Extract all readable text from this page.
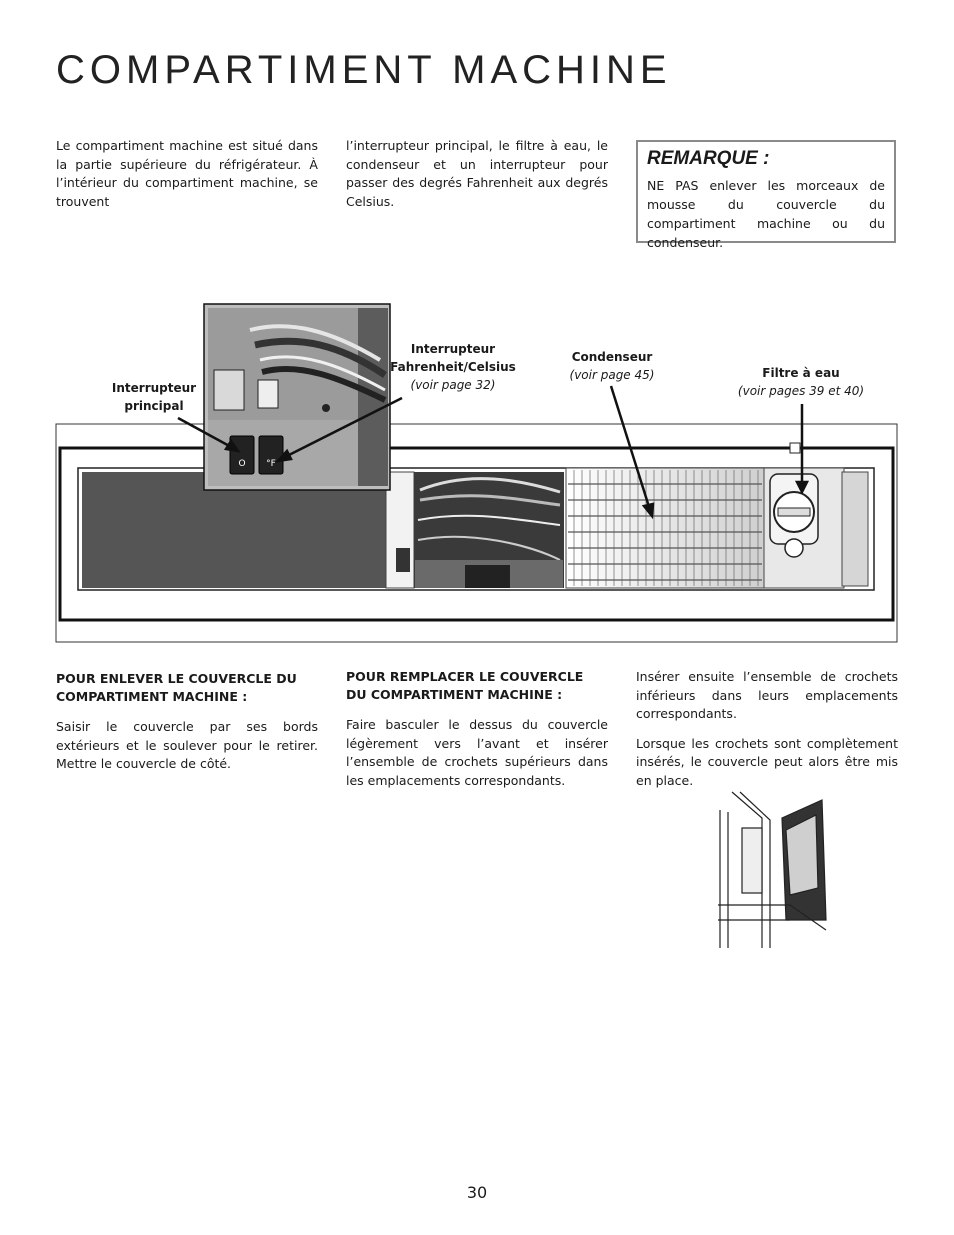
COMPARTIMENT MACHINE

Le compartiment machine est situé dans la partie supérieure du réfrigérateur. À l’intérieur du compartiment machine, se trouvent

l’interrupteur principal, le filtre à eau, le condenseur et un interrupteur pour passer des degrés Fahrenheit aux degrés Celsius.

REMARQUE :
NE PAS enlever les morceaux de mousse du couvercle du compartiment machine ou du condenseur.
°F
O
Interrupteur
principal
Interrupteur
Fahrenheit/Celsius
(voir page 32)
Condenseur
(voir page 45)	Filtre à eau
(voir pages 39 et 40)
POUR ENLEVER LE COUVERCLE DU COMPARTIMENT MACHINE :

Saisir le couvercle par ses bords extérieurs et le soulever pour le retirer. Mettre le couvercle de côté.

POUR REMPLACER LE COUVERCLE DU COMPARTIMENT MACHINE :

Faire basculer le dessus du couvercle légèrement vers l’avant et insérer l’ensemble de crochets supérieurs dans les emplacements correspondants.

Insérer ensuite l’ensemble de crochets inférieurs dans leurs emplacements correspondants.

Lorsque les crochets sont complètement insérés, le couvercle peut alors être mis en place.

30
